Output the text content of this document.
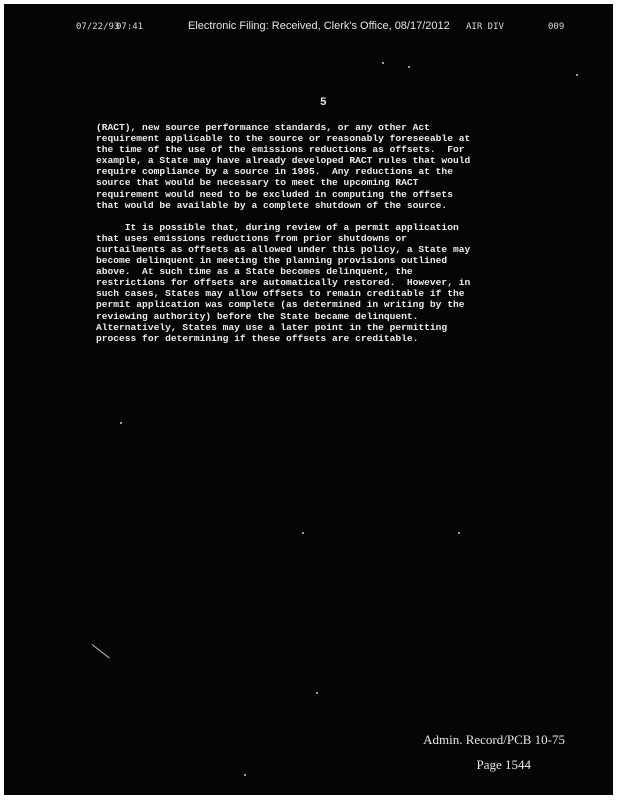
07/22/93
07:41	Electronic Filing: Received, Clerk's Office, 08/17/2012 AIR DIV	009
5

(RACT), new source performance standards, or any other Act
requirement applicable to the source or reasonably foreseeable at
the time of the use of the emissions reductions as offsets.  For
example, a State may have already developed RACT rules that would
require compliance by a source in 1995.  Any reductions at the
source that would be necessary to meet the upcoming RACT
requirement would need to be excluded in computing the offsets
that would be available by a complete shutdown of the source.

It is possible that, during review of a permit application
that uses emissions reductions from prior shutdowns or
curtailments as offsets as allowed under this policy, a State may
become delinquent in meeting the planning provisions outlined
above.  At such time as a State becomes delinquent, the
restrictions for offsets are automatically restored.  However, in
such cases, States may allow offsets to remain creditable if the
permit application was complete (as determined in writing by the
reviewing authority) before the State became delinquent.
Alternatively, States may use a later point in the permitting
process for determining if these offsets are creditable.

Admin. Record/PCB 10-75
Page 1544
